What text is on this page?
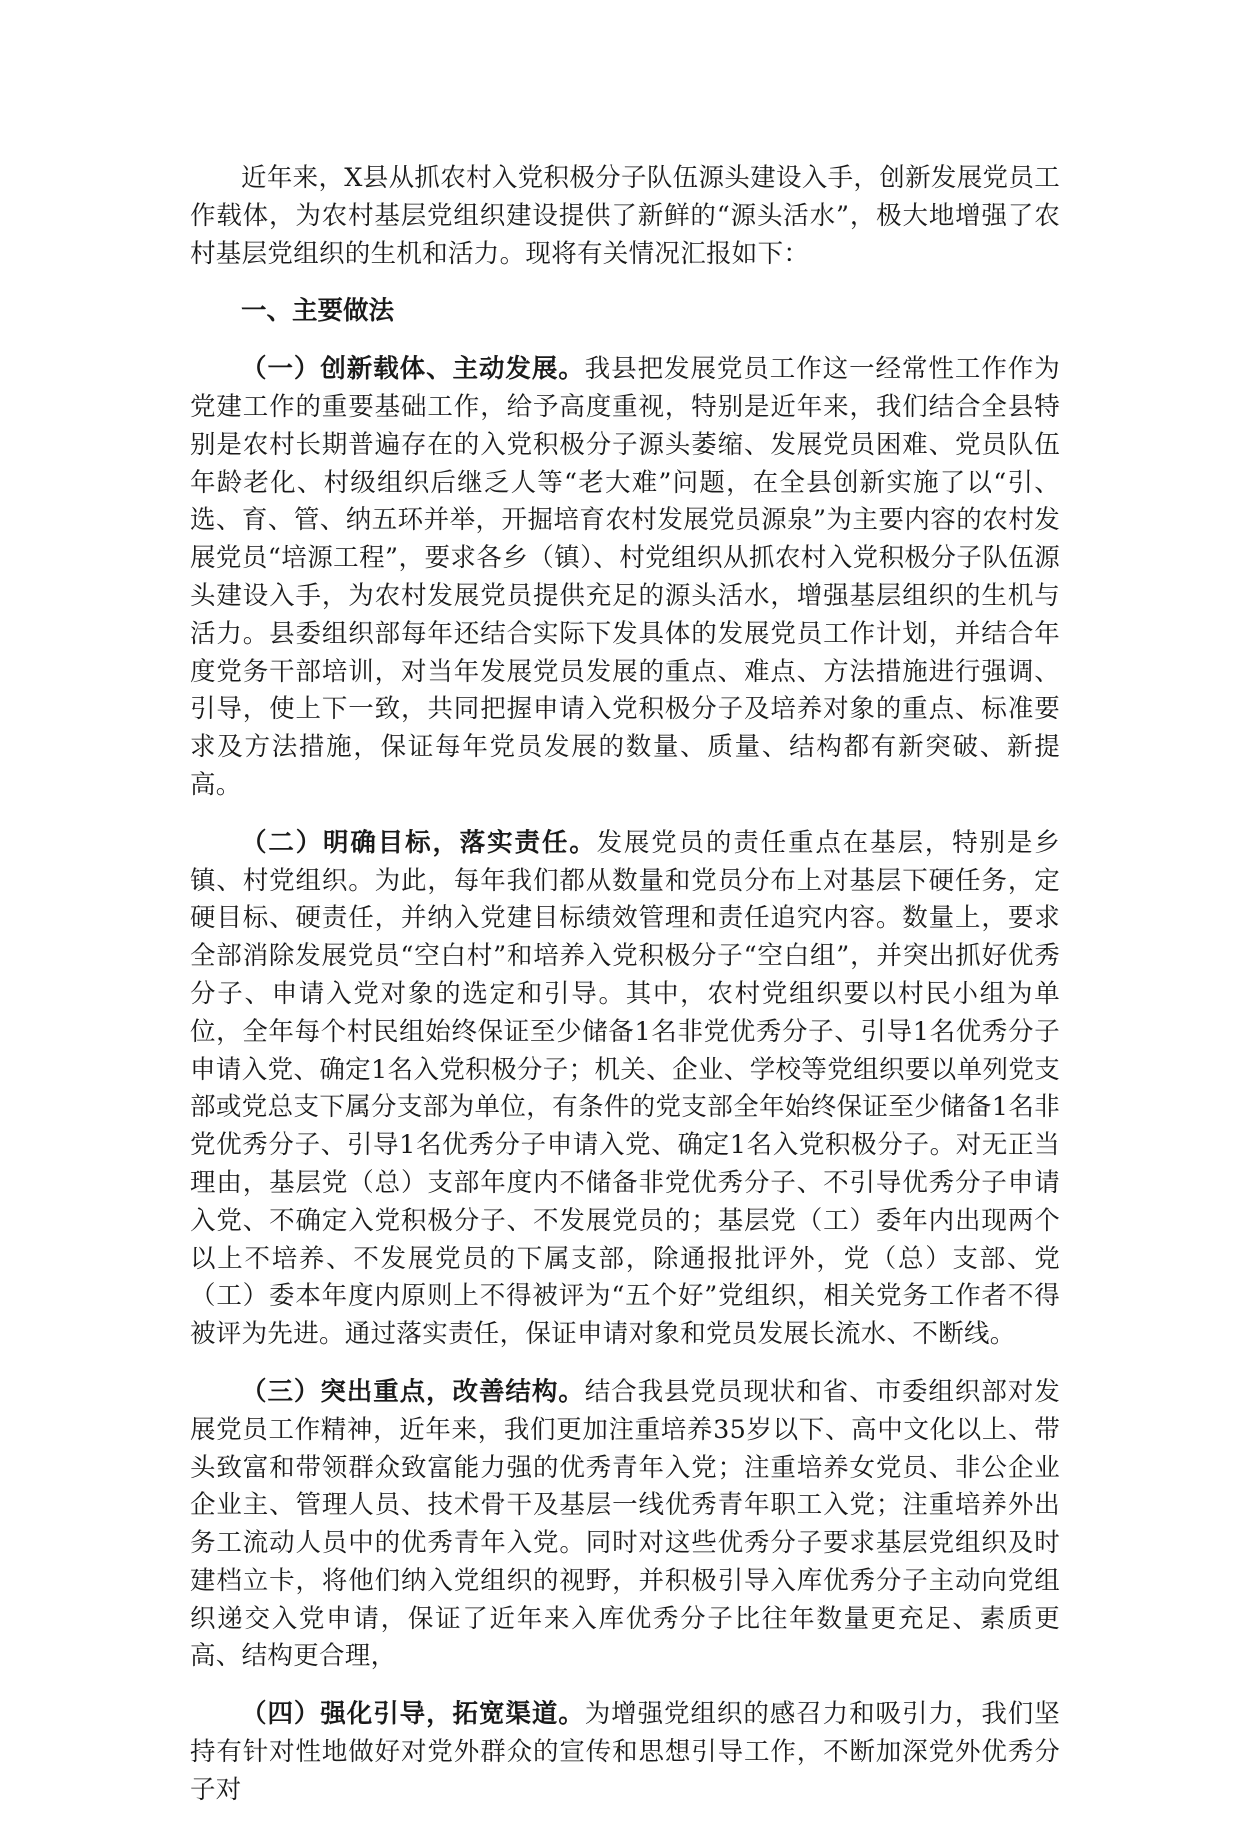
近年来，X县从抓农村入党积极分子队伍源头建设入手，创新发展党员工作载体，为农村基层党组织建设提供了新鲜的“源头活水”，极大地增强了农村基层党组织的生机和活力。现将有关情况汇报如下：

一、主要做法

（一）创新载体、主动发展。我县把发展党员工作这一经常性工作作为党建工作的重要基础工作，给予高度重视，特别是近年来，我们结合全县特别是农村长期普遍存在的入党积极分子源头萎缩、发展党员困难、党员队伍年龄老化、村级组织后继乏人等“老大难”问题，在全县创新实施了以“引、选、育、管、纳五环并举，开掘培育农村发展党员源泉”为主要内容的农村发展党员“培源工程”，要求各乡（镇）、村党组织从抓农村入党积极分子队伍源头建设入手，为农村发展党员提供充足的源头活水，增强基层组织的生机与活力。县委组织部每年还结合实际下发具体的发展党员工作计划，并结合年度党务干部培训，对当年发展党员发展的重点、难点、方法措施进行强调、引导，使上下一致，共同把握申请入党积极分子及培养对象的重点、标准要求及方法措施，保证每年党员发展的数量、质量、结构都有新突破、新提高。

（二）明确目标，落实责任。发展党员的责任重点在基层，特别是乡镇、村党组织。为此，每年我们都从数量和党员分布上对基层下硬任务，定硬目标、硬责任，并纳入党建目标绩效管理和责任追究内容。数量上，要求全部消除发展党员“空白村”和培养入党积极分子“空白组”，并突出抓好优秀分子、申请入党对象的选定和引导。其中，农村党组织要以村民小组为单位，全年每个村民组始终保证至少储备1名非党优秀分子、引导1名优秀分子申请入党、确定1名入党积极分子；机关、企业、学校等党组织要以单列党支部或党总支下属分支部为单位，有条件的党支部全年始终保证至少储备1名非党优秀分子、引导1名优秀分子申请入党、确定1名入党积极分子。对无正当理由，基层党（总）支部年度内不储备非党优秀分子、不引导优秀分子申请入党、不确定入党积极分子、不发展党员的；基层党（工）委年内出现两个以上不培养、不发展党员的下属支部，除通报批评外，党（总）支部、党（工）委本年度内原则上不得被评为“五个好”党组织，相关党务工作者不得被评为先进。通过落实责任，保证申请对象和党员发展长流水、不断线。

（三）突出重点，改善结构。结合我县党员现状和省、市委组织部对发展党员工作精神，近年来，我们更加注重培养35岁以下、高中文化以上、带头致富和带领群众致富能力强的优秀青年入党；注重培养女党员、非公企业企业主、管理人员、技术骨干及基层一线优秀青年职工入党；注重培养外出务工流动人员中的优秀青年入党。同时对这些优秀分子要求基层党组织及时建档立卡，将他们纳入党组织的视野，并积极引导入库优秀分子主动向党组织递交入党申请，保证了近年来入库优秀分子比往年数量更充足、素质更高、结构更合理，

（四）强化引导，拓宽渠道。为增强党组织的感召力和吸引力，我们坚持有针对性地做好对党外群众的宣传和思想引导工作，不断加深党外优秀分子对
